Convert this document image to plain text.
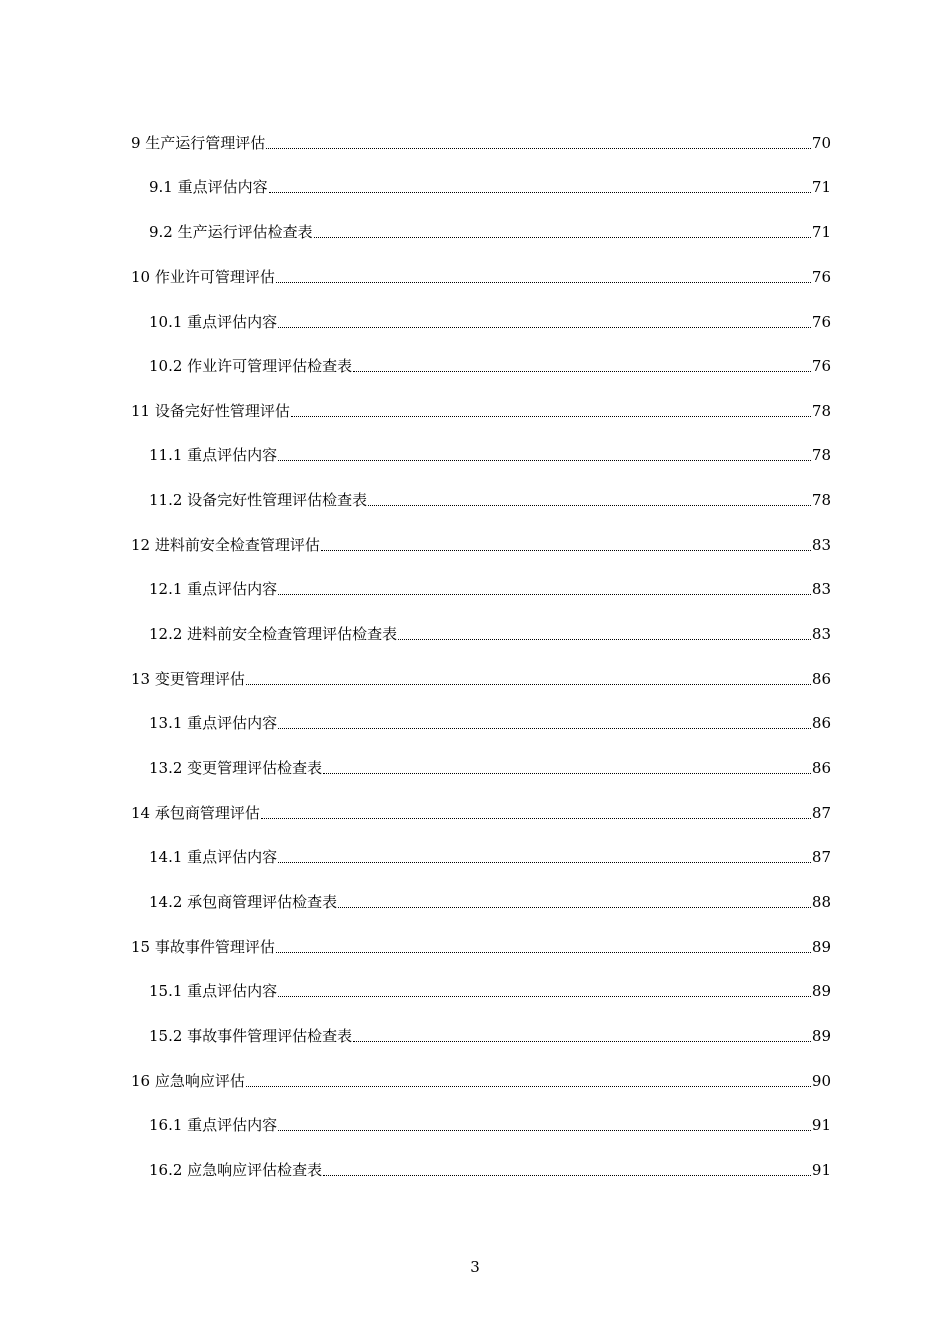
9 生产运行管理评估	70
9.1 重点评估内容	71
9.2 生产运行评估检查表	71
10 作业许可管理评估	76
10.1 重点评估内容	76
10.2 作业许可管理评估检查表	76
11 设备完好性管理评估	78
11.1 重点评估内容	78
11.2 设备完好性管理评估检查表	78
12 进料前安全检查管理评估	83
12.1 重点评估内容	83
12.2 进料前安全检查管理评估检查表	83
13 变更管理评估	86
13.1 重点评估内容	86
13.2 变更管理评估检查表	86
14 承包商管理评估	87
14.1 重点评估内容	87
14.2 承包商管理评估检查表	88
15 事故事件管理评估	89
15.1 重点评估内容	89
15.2 事故事件管理评估检查表	89
16 应急响应评估	90
16.1 重点评估内容	91
16.2 应急响应评估检查表	91
3
